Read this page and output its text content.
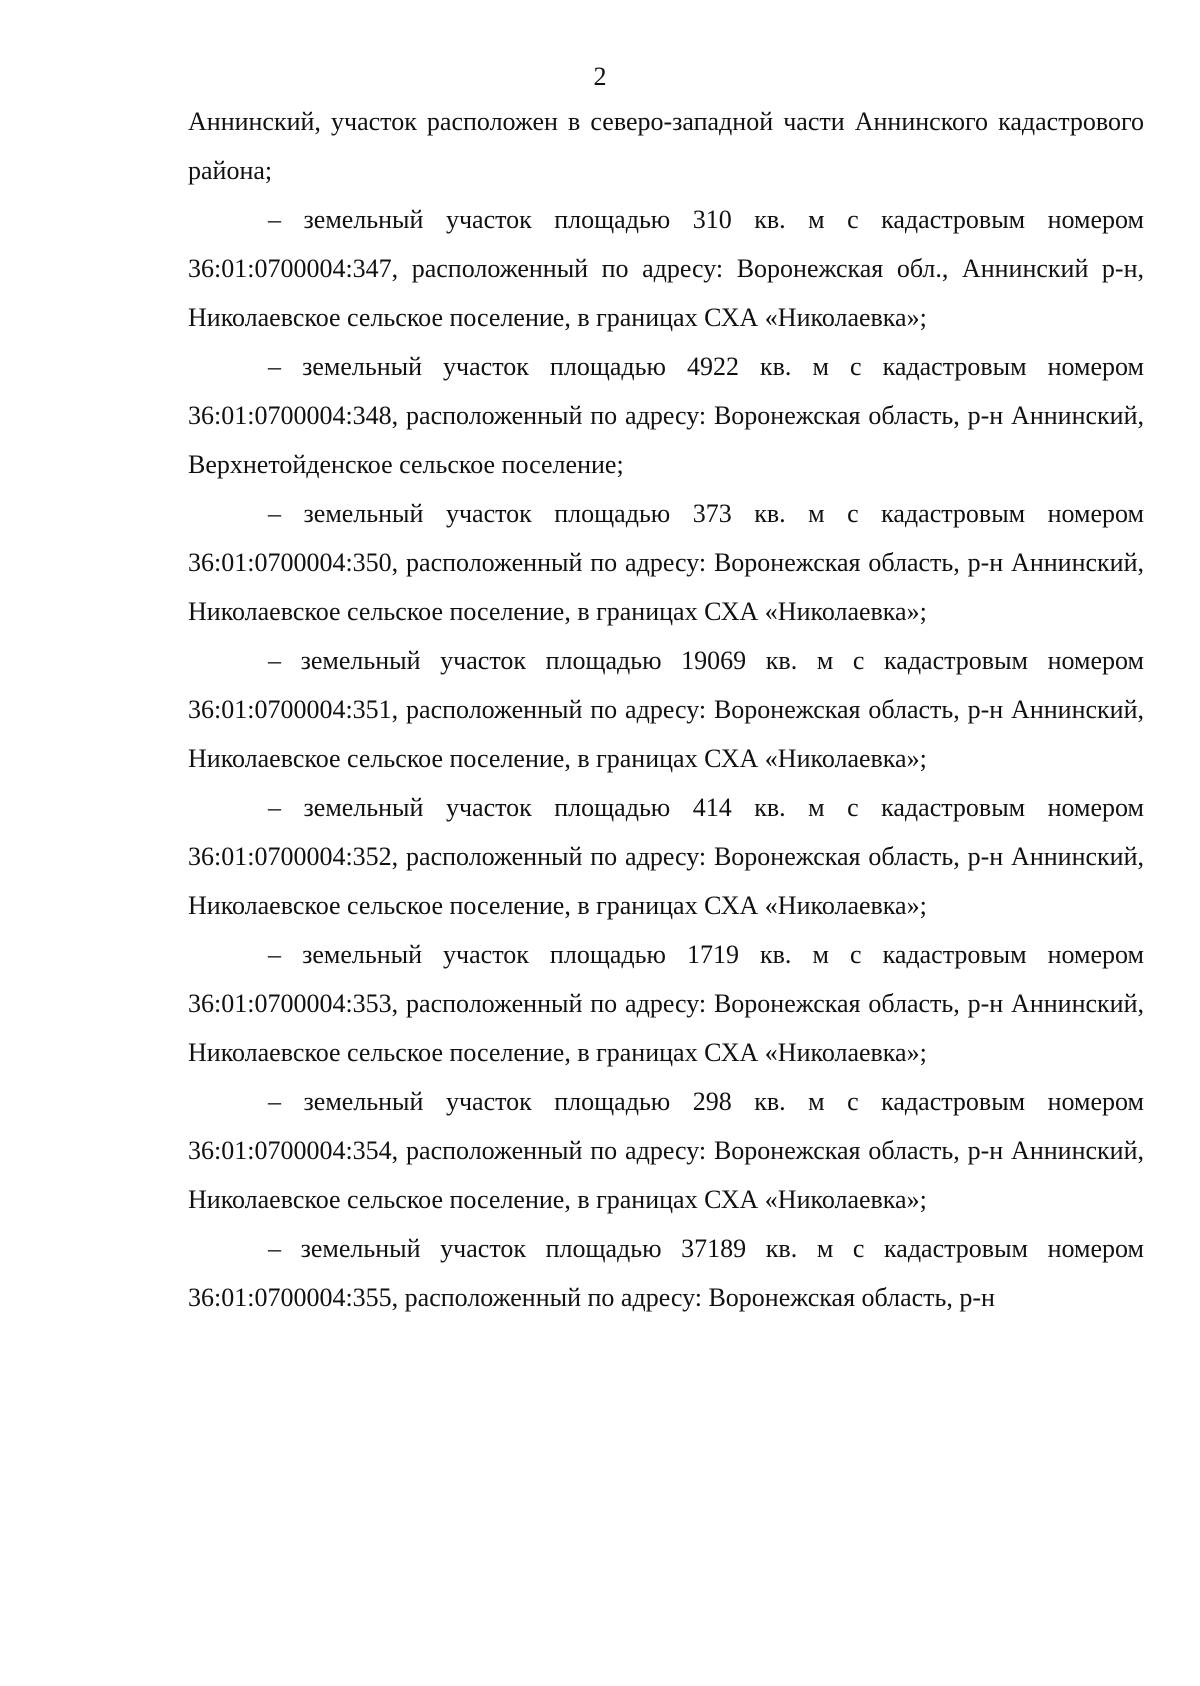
2

Аннинский, участок расположен в северо-западной части Аннинского кадастрового района;

– земельный участок площадью 310 кв. м с кадастровым номером 36:01:0700004:347, расположенный по адресу: Воронежская обл., Аннинский р-н, Николаевское сельское поселение, в границах СХА «Николаевка»;

– земельный участок площадью 4922 кв. м с кадастровым номером 36:01:0700004:348, расположенный по адресу: Воронежская область, р-н Аннинский, Верхнетойденское сельское поселение;

– земельный участок площадью 373 кв. м с кадастровым номером 36:01:0700004:350, расположенный по адресу: Воронежская область, р-н Аннинский, Николаевское сельское поселение, в границах СХА «Николаевка»;

– земельный участок площадью 19069 кв. м с кадастровым номером 36:01:0700004:351, расположенный по адресу: Воронежская область, р-н Аннинский, Николаевское сельское поселение, в границах СХА «Николаевка»;

– земельный участок площадью 414 кв. м с кадастровым номером 36:01:0700004:352, расположенный по адресу: Воронежская область, р-н Аннинский, Николаевское сельское поселение, в границах СХА «Николаевка»;

– земельный участок площадью 1719 кв. м с кадастровым номером 36:01:0700004:353, расположенный по адресу: Воронежская область, р-н Аннинский, Николаевское сельское поселение, в границах СХА «Николаевка»;

– земельный участок площадью 298 кв. м с кадастровым номером 36:01:0700004:354, расположенный по адресу: Воронежская область, р-н Аннинский, Николаевское сельское поселение, в границах СХА «Николаевка»;

– земельный участок площадью 37189 кв. м с кадастровым номером 36:01:0700004:355, расположенный по адресу: Воронежская область, р-н
